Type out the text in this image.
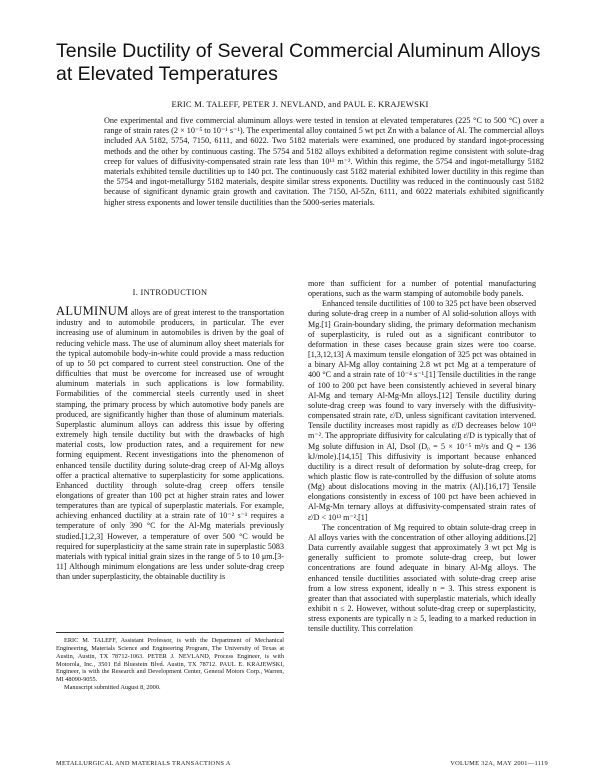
Tensile Ductility of Several Commercial Aluminum Alloys at Elevated Temperatures
ERIC M. TALEFF, PETER J. NEVLAND, and PAUL E. KRAJEWSKI
One experimental and five commercial aluminum alloys were tested in tension at elevated temperatures (225 °C to 500 °C) over a range of strain rates (2 × 10⁻⁵ to 10⁻¹ s⁻¹). The experimental alloy contained 5 wt pct Zn with a balance of Al. The commercial alloys included AA 5182, 5754, 7150, 6111, and 6022. Two 5182 materials were examined, one produced by standard ingot-processing methods and the other by continuous casting. The 5754 and 5182 alloys exhibited a deformation regime consistent with solute-drag creep for values of diffusivity-compensated strain rate less than 10¹³ m⁻². Within this regime, the 5754 and ingot-metallurgy 5182 materials exhibited tensile ductilities up to 140 pct. The continuously cast 5182 material exhibited lower ductility in this regime than the 5754 and ingot-metallurgy 5182 materials, despite similar stress exponents. Ductility was reduced in the continuously cast 5182 because of significant dynamic grain growth and cavitation. The 7150, Al-5Zn, 6111, and 6022 materials exhibited significantly higher stress exponents and lower tensile ductilities than the 5000-series materials.
I. INTRODUCTION

ALUMINUM alloys are of great interest to the transportation industry and to automobile producers, in particular. The ever increasing use of aluminum in automobiles is driven by the goal of reducing vehicle mass. The use of aluminum alloy sheet materials for the typical automobile body-in-white could provide a mass reduction of up to 50 pct compared to current steel construction. One of the difficulties that must be overcome for increased use of wrought aluminum materials in such applications is low formability. Formabilities of the commercial steels currently used in sheet stamping, the primary process by which automotive body panels are produced, are significantly higher than those of aluminum materials. Superplastic aluminum alloys can address this issue by offering extremely high tensile ductility but with the drawbacks of high material costs, low production rates, and a requirement for new forming equipment. Recent investigations into the phenomenon of enhanced tensile ductility during solute-drag creep of Al-Mg alloys offer a practical alternative to superplasticity for some applications. Enhanced ductility through solute-drag creep offers tensile elongations of greater than 100 pct at higher strain rates and lower temperatures than are typical of superplastic materials. For example, achieving enhanced ductility at a strain rate of 10⁻² s⁻¹ requires a temperature of only 390 °C for the Al-Mg materials previously studied.[1,2,3] However, a temperature of over 500 °C would be required for superplasticity at the same strain rate in superplastic 5083 materials with typical initial grain sizes in the range of 5 to 10 μm.[3-11] Although minimum elongations are less under solute-drag creep than under superplasticity, the obtainable ductility is

more than sufficient for a number of potential manufacturing operations, such as the warm stamping of automobile body panels.

Enhanced tensile ductilities of 100 to 325 pct have been observed during solute-drag creep in a number of Al solid-solution alloys with Mg.[1] Grain-boundary sliding, the primary deformation mechanism of superplasticity, is ruled out as a significant contributor to deformation in these cases because grain sizes were too coarse.[1,3,12,13] A maximum tensile elongation of 325 pct was obtained in a binary Al-Mg alloy containing 2.8 wt pct Mg at a temperature of 400 °C and a strain rate of 10⁻⁴ s⁻¹.[1] Tensile ductilities in the range of 100 to 200 pct have been consistently achieved in several binary Al-Mg and ternary Al-Mg-Mn alloys.[12] Tensile ductility during solute-drag creep was found to vary inversely with the diffusivity-compensated strain rate, ε̇/D, unless significant cavitation intervened. Tensile ductility increases most rapidly as ε̇/D decreases below 10¹³ m⁻². The appropriate diffusivity for calculating ε̇/D is typically that of Mg solute diffusion in Al, Dsol (D₀ = 5 × 10⁻⁵ m²/s and Q = 136 kJ/mole).[14,15] This diffusivity is important because enhanced ductility is a direct result of deformation by solute-drag creep, for which plastic flow is rate-controlled by the diffusion of solute atoms (Mg) about dislocations moving in the matrix (Al).[16,17] Tensile elongations consistently in excess of 100 pct have been achieved in Al-Mg-Mn ternary alloys at diffusivity-compensated strain rates of ε̇/D < 10¹³ m⁻².[1]

The concentration of Mg required to obtain solute-drag creep in Al alloys varies with the concentration of other alloying additions.[2] Data currently available suggest that approximately 3 wt pct Mg is generally sufficient to promote solute-drag creep, but lower concentrations are found adequate in binary Al-Mg alloys. The enhanced tensile ductilities associated with solute-drag creep arise from a low stress exponent, ideally n = 3. This stress exponent is greater than that associated with superplastic materials, which ideally exhibit n ≤ 2. However, without solute-drag creep or superplasticity, stress exponents are typically n ≥ 5, leading to a marked reduction in tensile ductility. This correlation

ERIC M. TALEFF, Assistant Professor, is with the Department of Mechanical Engineering, Materials Science and Engineering Program, The University of Texas at Austin, Austin, TX 78712-1063. PETER J. NEVLAND, Process Engineer, is with Motorola, Inc., 3501 Ed Bluestein Blvd. Austin, TX 78712. PAUL E. KRAJEWSKI, Engineer, is with the Research and Development Center, General Motors Corp., Warren, MI 48090-9055.

Manuscript submitted August 8, 2000.

METALLURGICAL AND MATERIALS TRANSACTIONS A	VOLUME 32A, MAY 2001—1119
